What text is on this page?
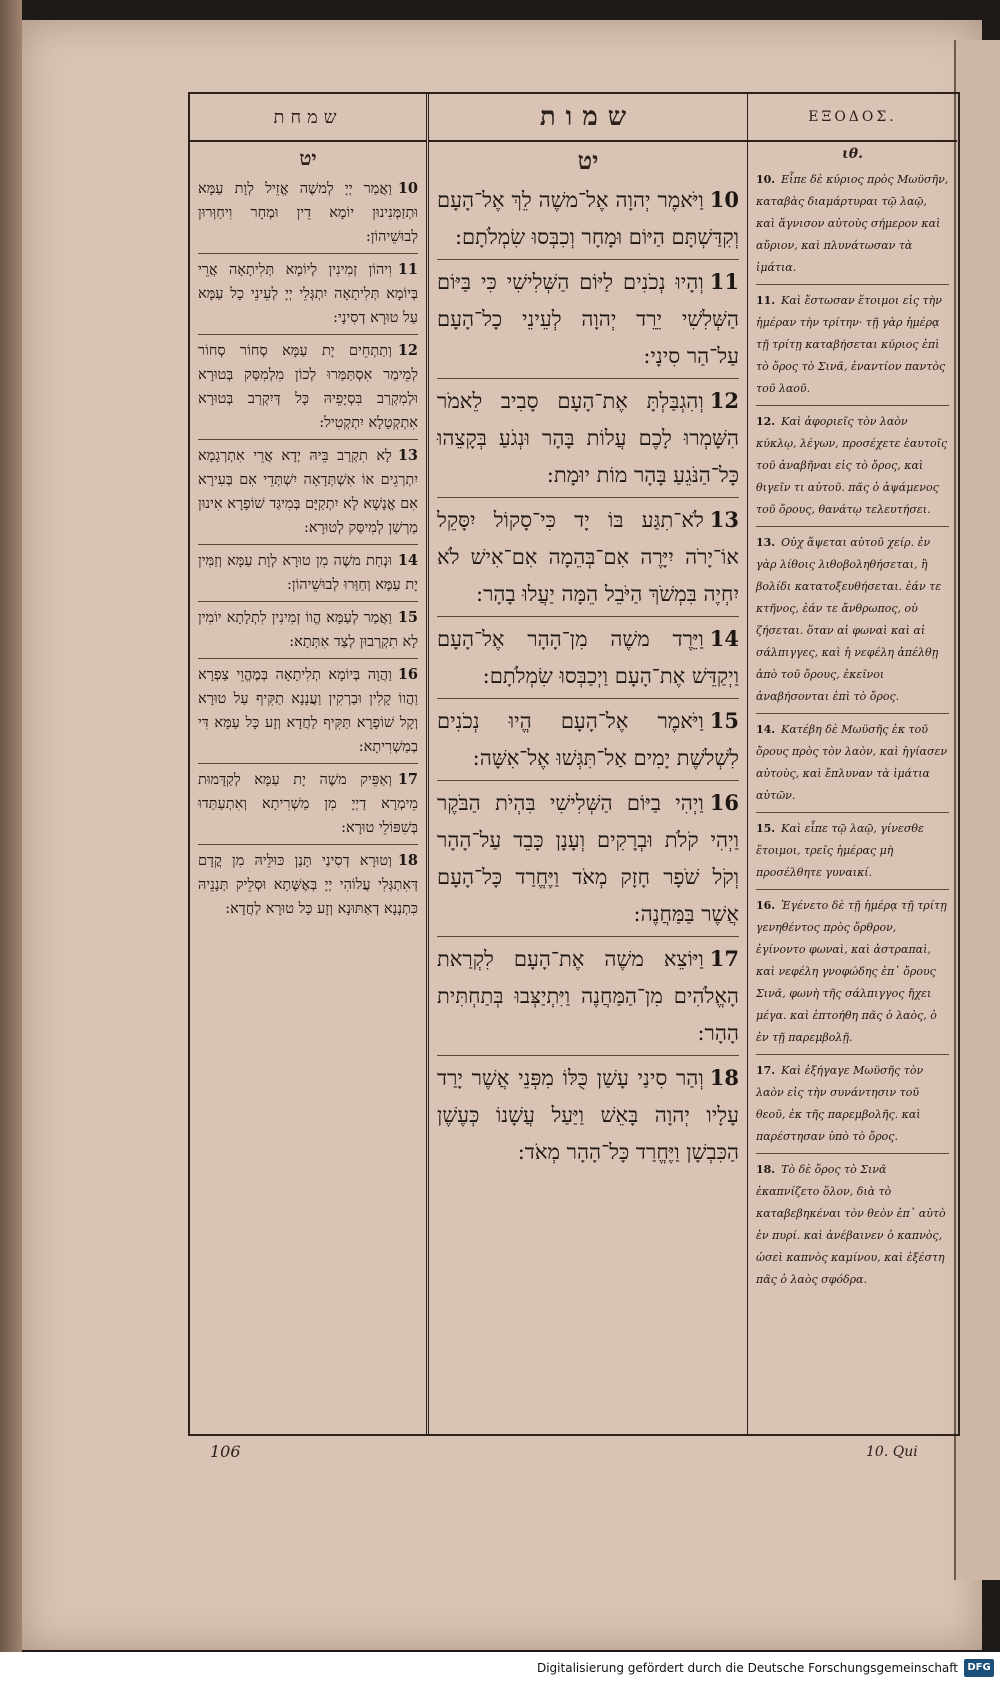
שמחת
יט
10וַאֲמַר יְיָ לְמשֶׁה אֱזֵיל לְוָת עַמָּא וּתְזַמְּנִינוּן יוֹמָא דֵין וּמְחָר וִיחַוְּרוּן לְבוּשֵׁיהוֹן:
11וִיהוֹן זְמִינִין לְיוֹמָא תְּלִיתָאָה אֲרֵי בְּיוֹמָא תְּלִיתָאָה יִתְגְּלֵי יְיָ לְעֵינֵי כָל עַמָּא עַל טוּרָא דְסִינָי:
12וְתַתְחֵים יָת עַמָּא סְחוֹר סְחוֹר לְמֵימַר אִסְתַּמַּרוּ לְכוֹן מִלְמִסַּק בְּטוּרָא וּלְמִקְרַב בִּסְיָפֵיהּ כָּל דְּיִקְרַב בְּטוּרָא אִתְקְטָלָא יִתְקְטִיל:
13לָא תִקְרַב בֵּיהּ יְדָא אֲרֵי אִתְרְגָמָא יִתְרְגֵים אוֹ אִשְׁתְּדָאָה יִשְׁתְּדֵי אִם בְּעִירָא אִם אֱנָשָׁא לָא יִתְקַיָּם בְּמִיגַּד שׁוֹפָרָא אִינוּן מַרְשַׁן לְמִיסַּק לְטוּרָא:
14וּנְחַת משֶׁה מִן טוּרָא לְוָת עַמָּא וְזַמִּין יָת עַמָּא וְחַוַּרוּ לְבוּשֵׁיהוֹן:
15וַאֲמַר לְעַמָּא הֱווֹ זְמִינִין לִתְלָתָא יוֹמִין לָא תִקְרְבוּן לְצַד אִתְּתָא:
16וַהֲוָה בְּיוֹמָא תְלִיתָאָה בְּמֶהֱוֵי צַפְרָא וַהֲווֹ קָלִין וּבַרְקִין וַעֲנָנָא תַקִּיף עַל טוּרָא וְקָל שׁוֹפָרָא תַּקִּיף לַחֲדָא וְזָע כָּל עַמָּא דִּי בְמַשְׁרִיתָא:
17וְאַפֵּיק משֶׁה יָת עַמָּא לְקַדָּמוּת מֵימְרָא דַיְיָ מִן מַשְׁרִיתָא וְאִתְעַתַּדוּ בְּשִׁפּוֹלֵי טוּרָא:
18וְטוּרָא דְסִינַי תָּנַן כּוּלֵּיהּ מִן קֳדָם דְּאִתְגְּלִי עֲלוֹהִי יְיָ בְּאֶשָּׁתָא וּסְלֵיק תְּנָנֵיהּ כִּתְנָנָא דְאַתּוּנָא וְזָע כָּל טוּרָא לַחֲדָא:
שמות
יט
10וַיֹּאמֶר יְהוָה אֶל־משֶׁה לֵךְ אֶל־הָעָם וְקִדַּשְׁתָּם הַיּוֹם וּמָחָר וְכִבְּסוּ שִׂמְלֹתָם:
11וְהָיוּ נְכֹנִים לַיּוֹם הַשְּׁלִישִׁי כִּי בַּיּוֹם הַשְּׁלִשִׁי יֵרֵד יְהוָה לְעֵינֵי כָל־הָעָם עַל־הַר סִינָי:
12וְהִגְבַּלְתָּ אֶת־הָעָם סָבִיב לֵאמֹר הִשָּׁמְרוּ לָכֶם עֲלוֹת בָּהָר וּנְגֹעַ בְּקָצֵהוּ כָּל־הַנֹּגֵעַ בָּהָר מוֹת יוּמָת:
13לֹא־תִגַּע בּוֹ יָד כִּי־סָקוֹל יִסָּקֵל אוֹ־יָרֹה יִיָּרֶה אִם־בְּהֵמָה אִם־אִישׁ לֹא יִחְיֶה בִּמְשֹׁךְ הַיֹּבֵל הֵמָּה יַעֲלוּ בָהָר:
14וַיֵּרֶד משֶׁה מִן־הָהָר אֶל־הָעָם וַיְקַדֵּשׁ אֶת־הָעָם וַיְכַבְּסוּ שִׂמְלֹתָם:
15וַיֹּאמֶר אֶל־הָעָם הֱיוּ נְכֹנִים לִשְׁלשֶׁת יָמִים אַל־תִּגְּשׁוּ אֶל־אִשָּׁה:
16וַיְהִי בַיּוֹם הַשְּׁלִישִׁי בִּהְיֹת הַבֹּקֶר וַיְהִי קֹלֹת וּבְרָקִים וְעָנָן כָּבֵד עַל־הָהָר וְקֹל שֹׁפָר חָזָק מְאֹד וַיֶּחֱרַד כָּל־הָעָם אֲשֶׁר בַּמַּחֲנֶה:
17וַיּוֹצֵא משֶׁה אֶת־הָעָם לִקְרַאת הָאֱלֹהִים מִן־הַמַּחֲנֶה וַיִּתְיַצְּבוּ בְּתַחְתִּית הָהָר:
18וְהַר סִינַי עָשַׁן כֻּלּוֹ מִפְּנֵי אֲשֶׁר יָרַד עָלָיו יְהוָה בָּאֵשׁ וַיַּעַל עֲשָׁנוֹ כְּעֶשֶׁן הַכִּבְשָׁן וַיֶּחֱרַד כָּל־הָהָר מְאֹד:
ΕΞΟΔΟΣ.
ιθ.
10. Εἶπε δὲ κύριος πρὸς Μωϋσῆν, καταβὰς διαμάρτυραι τῷ λαῷ, καὶ ἅγνισον αὐτοὺς σήμερον καὶ αὔριον, καὶ πλυνάτωσαν τὰ ἱμάτια.
11. Καὶ ἔστωσαν ἕτοιμοι εἰς τὴν ἡμέραν τὴν τρίτην· τῇ γὰρ ἡμέρᾳ τῇ τρίτῃ καταβήσεται κύριος ἐπὶ τὸ ὄρος τὸ Σινᾶ, ἐναντίον παντὸς τοῦ λαοῦ.
12. Καὶ ἀφοριεῖς τὸν λαὸν κύκλῳ, λέγων, προσέχετε ἑαυτοῖς τοῦ ἀναβῆναι εἰς τὸ ὄρος, καὶ θιγεῖν τι αὐτοῦ. πᾶς ὁ ἁψάμενος τοῦ ὄρους, θανάτῳ τελευτήσει.
13. Οὐχ ἅψεται αὐτοῦ χείρ. ἐν γὰρ λίθοις λιθοβοληθήσεται, ἢ βολίδι κατατοξευθήσεται. ἐάν τε κτῆνος, ἐάν τε ἄνθρωπος, οὐ ζήσεται. ὅταν αἱ φωναὶ καὶ αἱ σάλπιγγες, καὶ ἡ νεφέλη ἀπέλθῃ ἀπὸ τοῦ ὄρους, ἐκεῖνοι ἀναβήσονται ἐπὶ τὸ ὄρος.
14. Κατέβη δὲ Μωϋσῆς ἐκ τοῦ ὄρους πρὸς τὸν λαὸν, καὶ ἡγίασεν αὐτοὺς, καὶ ἔπλυναν τὰ ἱμάτια αὐτῶν.
15. Καὶ εἶπε τῷ λαῷ, γίνεσθε ἕτοιμοι, τρεῖς ἡμέρας μὴ προσέλθητε γυναικί.
16. Ἐγένετο δὲ τῇ ἡμέρᾳ τῇ τρίτῃ γενηθέντος πρὸς ὄρθρον, ἐγίνοντο φωναὶ, καὶ ἀστραπαὶ, καὶ νεφέλη γνοφώδης ἐπ᾽ ὄρους Σινᾶ, φωνὴ τῆς σάλπιγγος ἤχει μέγα. καὶ ἐπτοήθη πᾶς ὁ λαὸς, ὁ ἐν τῇ παρεμβολῇ.
17. Καὶ ἐξήγαγε Μωϋσῆς τὸν λαὸν εἰς τὴν συνάντησιν τοῦ θεοῦ, ἐκ τῆς παρεμβολῆς. καὶ παρέστησαν ὑπὸ τὸ ὄρος.
18. Τὸ δὲ ὄρος τὸ Σινᾶ ἐκαπνίζετο ὅλον, διὰ τὸ καταβεβηκέναι τὸν θεὸν ἐπ᾽ αὐτὸ ἐν πυρί. καὶ ἀνέβαινεν ὁ καπνὸς, ὡσεὶ καπνὸς καμίνου, καὶ ἐξέστη πᾶς ὁ λαὸς σφόδρα.
106	10. Qui
Digitalisierung gefördert durch die Deutsche Forschungsgemeinschaft DFG
